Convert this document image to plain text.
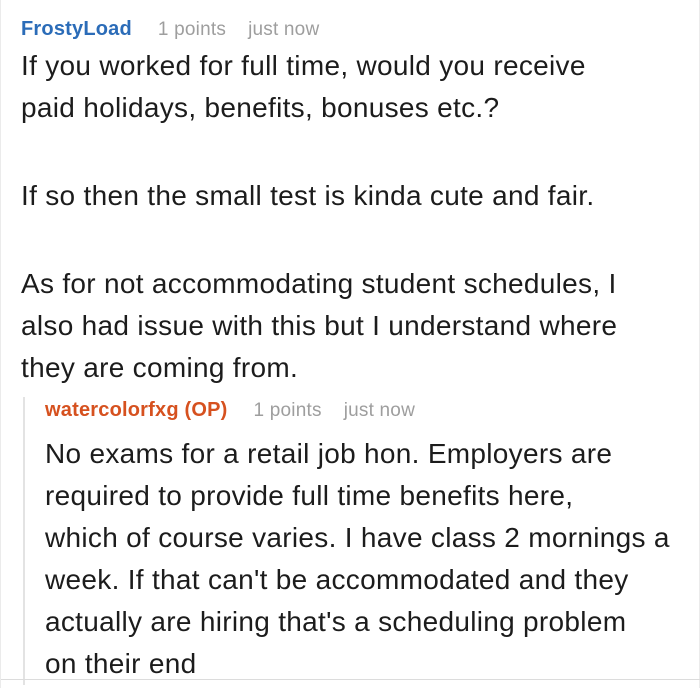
FrostyLoad 1 points just now
If you worked for full time, would you receive
paid holidays, benefits, bonuses etc.?
If so then the small test is kinda cute and fair.
As for not accommodating student schedules, I
also had issue with this but I understand where
they are coming from.
watercolorfxg (OP) 1 points just now
No exams for a retail job hon. Employers are
required to provide full time benefits here,
which of course varies. I have class 2 mornings a
week. If that can't be accommodated and they
actually are hiring that's a scheduling problem
on their end
